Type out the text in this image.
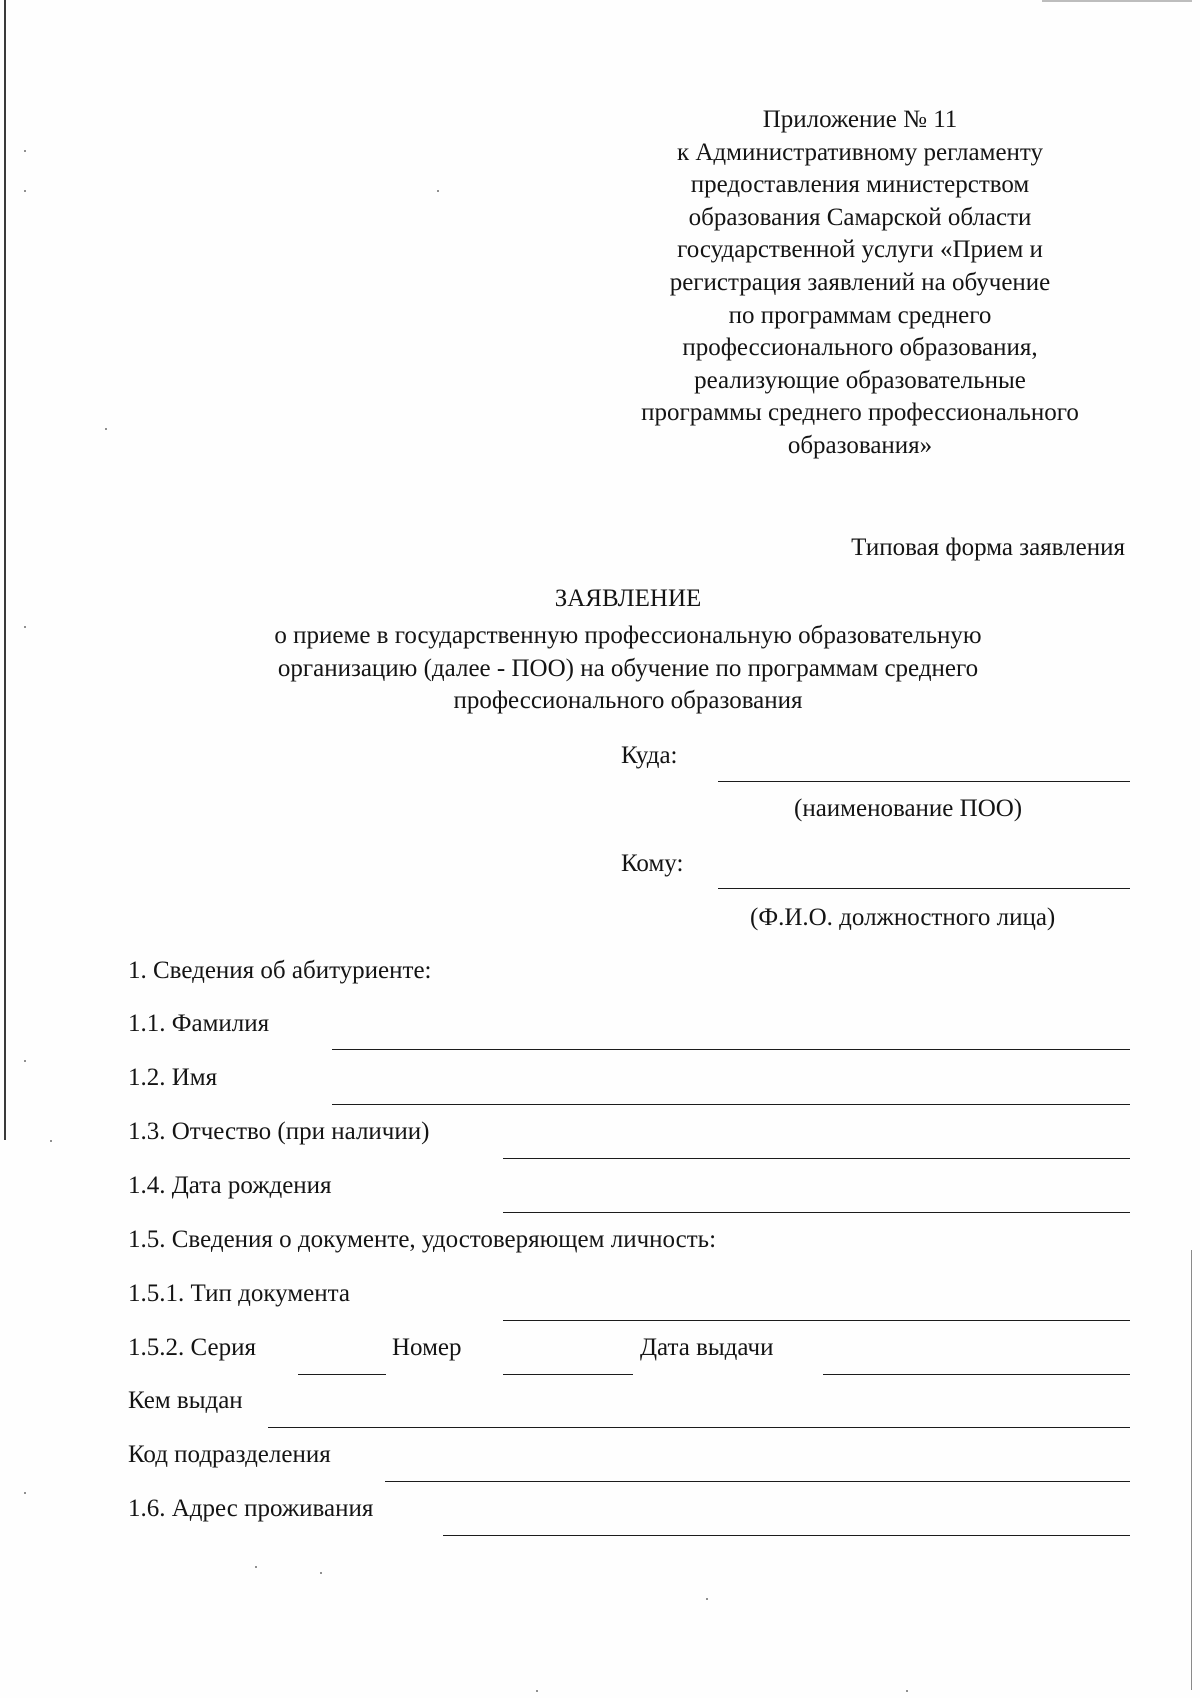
Приложение № 11
к Административному регламенту
предоставления министерством
образования Самарской области
государственной услуги «Прием и
регистрация заявлений на обучение
по программам среднего
профессионального образования,
реализующие образовательные
программы среднего профессионального
образования»
Типовая форма заявления
ЗАЯВЛЕНИЕ
о приеме в государственную профессиональную образовательную
организацию (далее - ПОО) на обучение по программам среднего
профессионального образования
Куда:
(наименование ПОО)
Кому:
(Ф.И.О. должностного лица)
1. Сведения об абитуриенте:
1.1. Фамилия
1.2. Имя
1.3. Отчество (при наличии)
1.4. Дата рождения
1.5. Сведения о документе, удостоверяющем личность:
1.5.1. Тип документа
1.5.2. Серия	Номер	Дата выдачи
Кем выдан
Код подразделения
1.6. Адрес проживания
